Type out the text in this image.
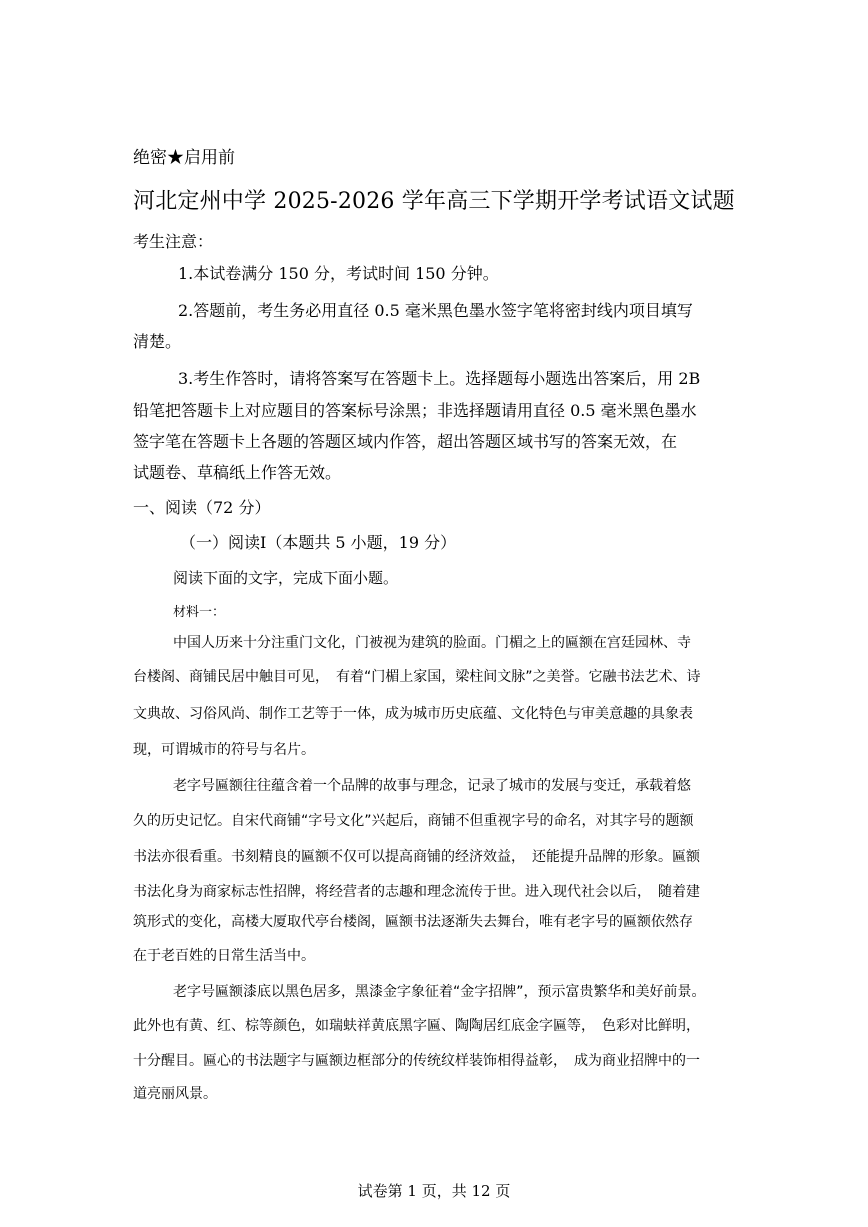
绝密★启用前
河北定州中学 2025-2026 学年高三下学期开学考试语文试题
考生注意：
1.本试卷满分 150 分，考试时间 150 分钟。
2.答题前，考生务必用直径 0.5 毫米黑色墨水签字笔将密封线内项目填写
清楚。
3.考生作答时，请将答案写在答题卡上。选择题每小题选出答案后，用 2B
铅笔把答题卡上对应题目的答案标号涂黑；非选择题请用直径 0.5 毫米黑色墨水
签字笔在答题卡上各题的答题区域内作答，超出答题区域书写的答案无效，在
试题卷、草稿纸上作答无效。
一、阅读（72 分）
（一）阅读Ⅰ（本题共 5 小题，19 分）
阅读下面的文字，完成下面小题。
材料一：
中国人历来十分注重门文化，门被视为建筑的脸面。门楣之上的匾额在宫廷园林、寺
台楼阁、商铺民居中触目可见，　有着“门楣上家国，梁柱间文脉”之美誉。它融书法艺术、诗
文典故、习俗风尚、制作工艺等于一体，成为城市历史底蕴、文化特色与审美意趣的具象表
现，可谓城市的符号与名片。
老字号匾额往往蕴含着一个品牌的故事与理念，记录了城市的发展与变迁，承载着悠
久的历史记忆。自宋代商铺“字号文化”兴起后，商铺不但重视字号的命名，对其字号的题额
书法亦很看重。书刻精良的匾额不仅可以提高商铺的经济效益，　还能提升品牌的形象。匾额
书法化身为商家标志性招牌，将经营者的志趣和理念流传于世。进入现代社会以后，　随着建
筑形式的变化，高楼大厦取代亭台楼阁，匾额书法逐渐失去舞台，唯有老字号的匾额依然存
在于老百姓的日常生活当中。
老字号匾额漆底以黑色居多，黑漆金字象征着“金字招牌”，预示富贵繁华和美好前景。
此外也有黄、红、棕等颜色，如瑞蚨祥黄底黑字匾、陶陶居红底金字匾等，　色彩对比鲜明，
十分醒目。匾心的书法题字与匾额边框部分的传统纹样装饰相得益彰，　成为商业招牌中的一
道亮丽风景。
试卷第 1 页，共 12 页
